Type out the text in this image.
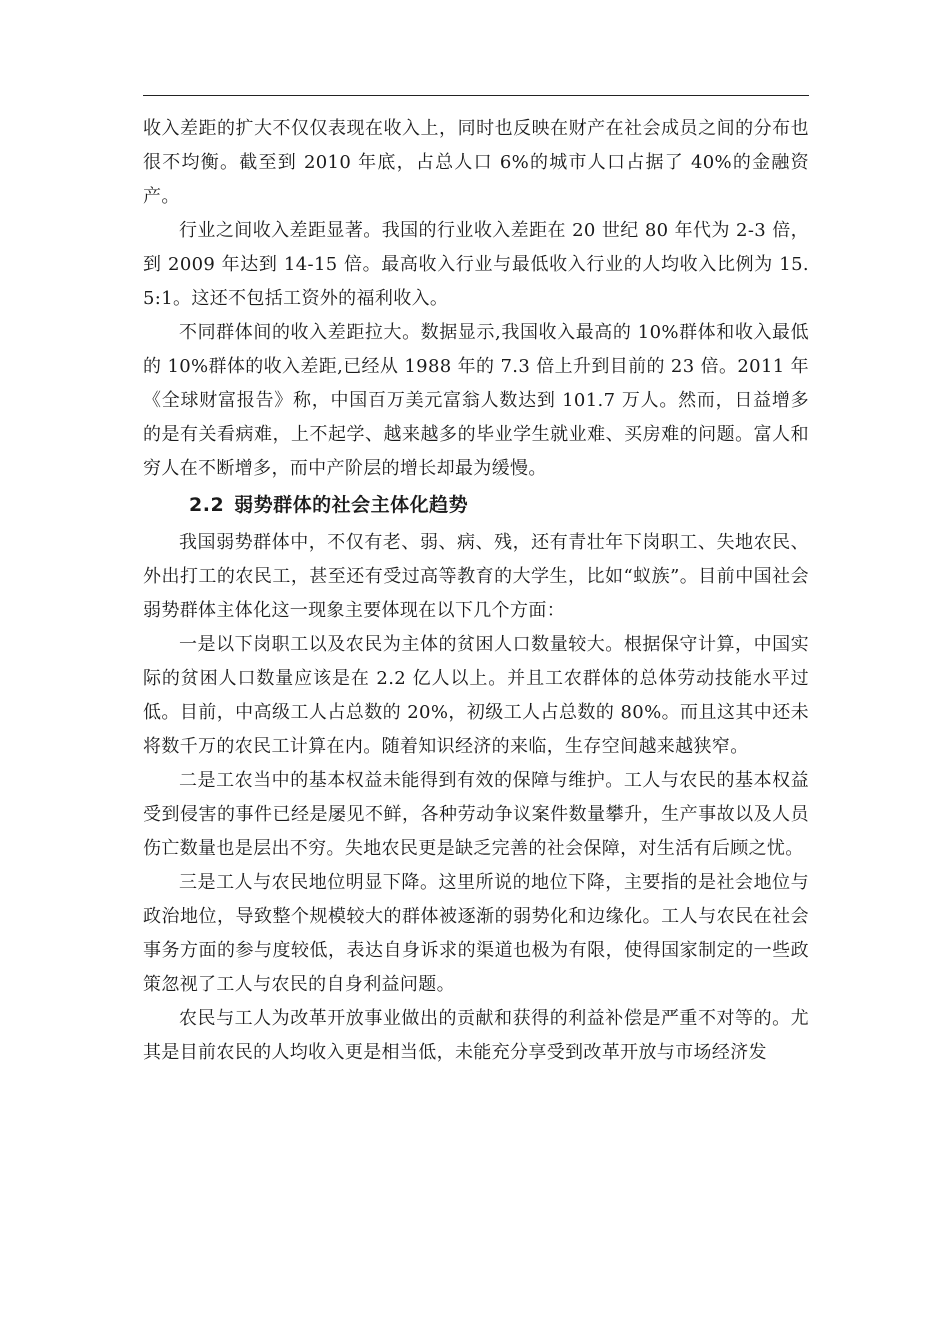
收入差距的扩大不仅仅表现在收入上，同时也反映在财产在社会成员之间的分布也很不均衡。截至到 2010 年底，占总人口 6%的城市人口占据了 40%的金融资产。

行业之间收入差距显著。我国的行业收入差距在 20 世纪 80 年代为 2-3 倍，到 2009 年达到 14-15 倍。最高收入行业与最低收入行业的人均收入比例为 15.5:1。这还不包括工资外的福利收入。

不同群体间的收入差距拉大。数据显示,我国收入最高的 10%群体和收入最低的 10%群体的收入差距,已经从 1988 年的 7.3 倍上升到目前的 23 倍。2011 年《全球财富报告》称，中国百万美元富翁人数达到 101.7 万人。然而，日益增多的是有关看病难，上不起学、越来越多的毕业学生就业难、买房难的问题。富人和穷人在不断增多，而中产阶层的增长却最为缓慢。

2.2 弱势群体的社会主体化趋势

我国弱势群体中，不仅有老、弱、病、残，还有青壮年下岗职工、失地农民、外出打工的农民工，甚至还有受过高等教育的大学生，比如“蚁族”。目前中国社会弱势群体主体化这一现象主要体现在以下几个方面：

一是以下岗职工以及农民为主体的贫困人口数量较大。根据保守计算，中国实际的贫困人口数量应该是在 2.2 亿人以上。并且工农群体的总体劳动技能水平过低。目前，中高级工人占总数的 20%，初级工人占总数的 80%。而且这其中还未将数千万的农民工计算在内。随着知识经济的来临，生存空间越来越狭窄。

二是工农当中的基本权益未能得到有效的保障与维护。工人与农民的基本权益受到侵害的事件已经是屡见不鲜，各种劳动争议案件数量攀升，生产事故以及人员伤亡数量也是层出不穷。失地农民更是缺乏完善的社会保障，对生活有后顾之忧。

三是工人与农民地位明显下降。这里所说的地位下降，主要指的是社会地位与政治地位，导致整个规模较大的群体被逐渐的弱势化和边缘化。工人与农民在社会事务方面的参与度较低，表达自身诉求的渠道也极为有限，使得国家制定的一些政策忽视了工人与农民的自身利益问题。

农民与工人为改革开放事业做出的贡献和获得的利益补偿是严重不对等的。尤其是目前农民的人均收入更是相当低，未能充分享受到改革开放与市场经济发
